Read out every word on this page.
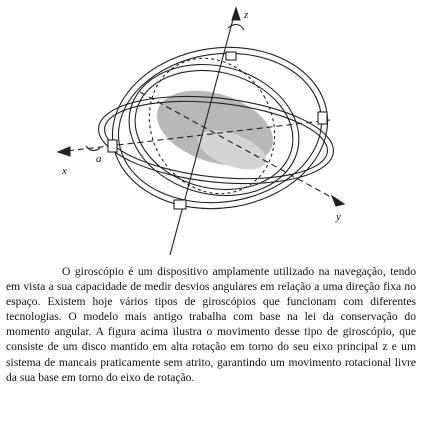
z
x
y
a

O giroscópio é um dispositivo amplamente utilizado na navegação, tendo em vista a sua capacidade de medir desvios angulares em relação a uma direção fixa no espaço. Existem hoje vários tipos de giroscópios que funcionam com diferentes tecnologias. O modelo mais antigo trabalha com base na lei da conservação do momento angular. A figura acima ilustra o movimento desse tipo de giroscópio, que consiste de um disco mantido em alta rotação em torno do seu eixo principal z e um sistema de mancais praticamente sem atrito, garantindo um movimento rotacional livre da sua base em torno do eixo de rotação.
